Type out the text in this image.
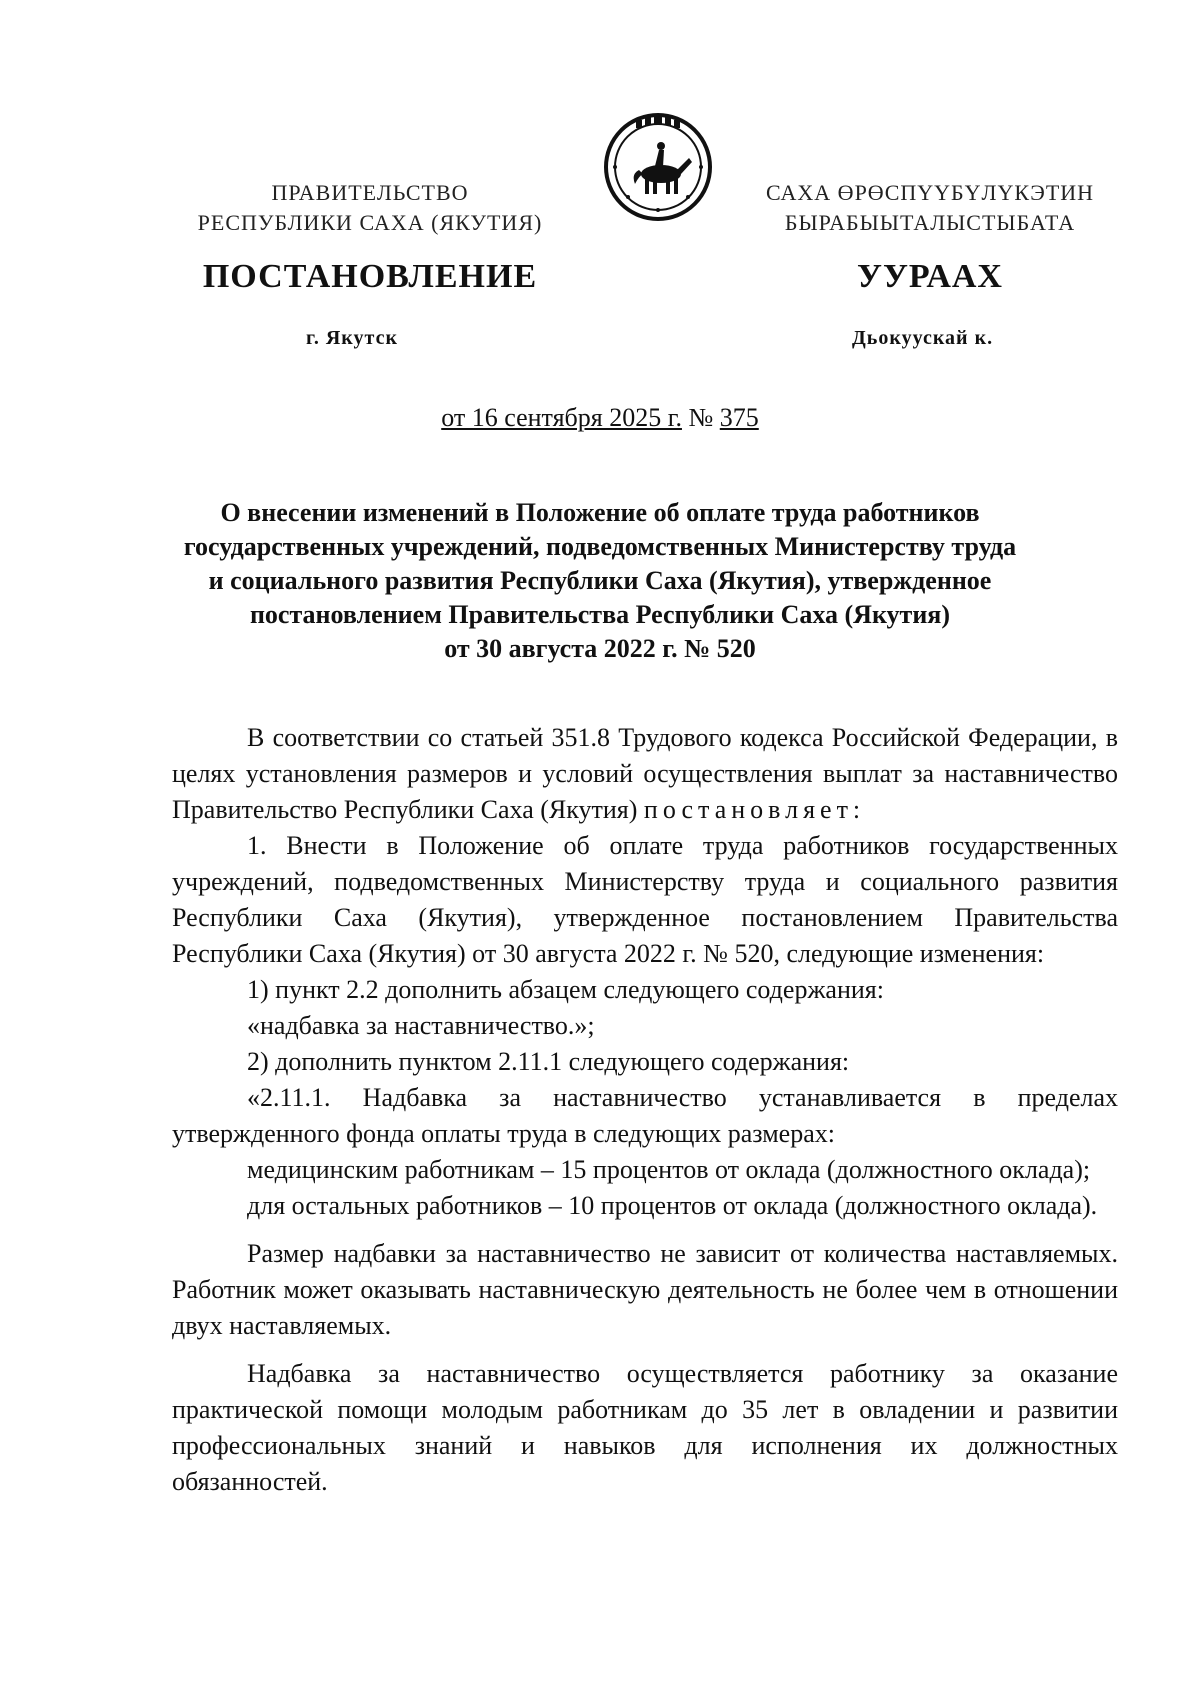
ПРАВИТЕЛЬСТВО
РЕСПУБЛИКИ САХА (ЯКУТИЯ)
САХА ӨРӨСПҮҮБҮЛҮКЭТИН
БЫРАБЫЫТАЛЫСТЫБАТА
ПОСТАНОВЛЕНИЕ	УУРААХ
г. Якутск	Дьокуускай к.
от 16 сентября 2025 г. № 375
О внесении изменений в Положение об оплате труда работников
государственных учреждений, подведомственных Министерству труда
и социального развития Республики Саха (Якутия), утвержденное
постановлением Правительства Республики Саха (Якутия)
от 30 августа 2022 г. № 520

В соответствии со статьей 351.8 Трудового кодекса Российской Федерации, в целях установления размеров и условий осуществления выплат за наставничество Правительство Республики Саха (Якутия) постановляет:

1. Внести в Положение об оплате труда работников государственных учреждений, подведомственных Министерству труда и социального развития Республики Саха (Якутия), утвержденное постановлением Правительства Республики Саха (Якутия) от 30 августа 2022 г. № 520, следующие изменения:

1) пункт 2.2 дополнить абзацем следующего содержания:

«надбавка за наставничество.»;

2) дополнить пунктом 2.11.1 следующего содержания:

«2.11.1. Надбавка за наставничество устанавливается в пределах утвержденного фонда оплаты труда в следующих размерах:

медицинским работникам – 15 процентов от оклада (должностного оклада);

для остальных работников – 10 процентов от оклада (должностного оклада).

Размер надбавки за наставничество не зависит от количества наставляемых. Работник может оказывать наставническую деятельность не более чем в отношении двух наставляемых.

Надбавка за наставничество осуществляется работнику за оказание практической помощи молодым работникам до 35 лет в овладении и развитии профессиональных знаний и навыков для исполнения их должностных обязанностей.
